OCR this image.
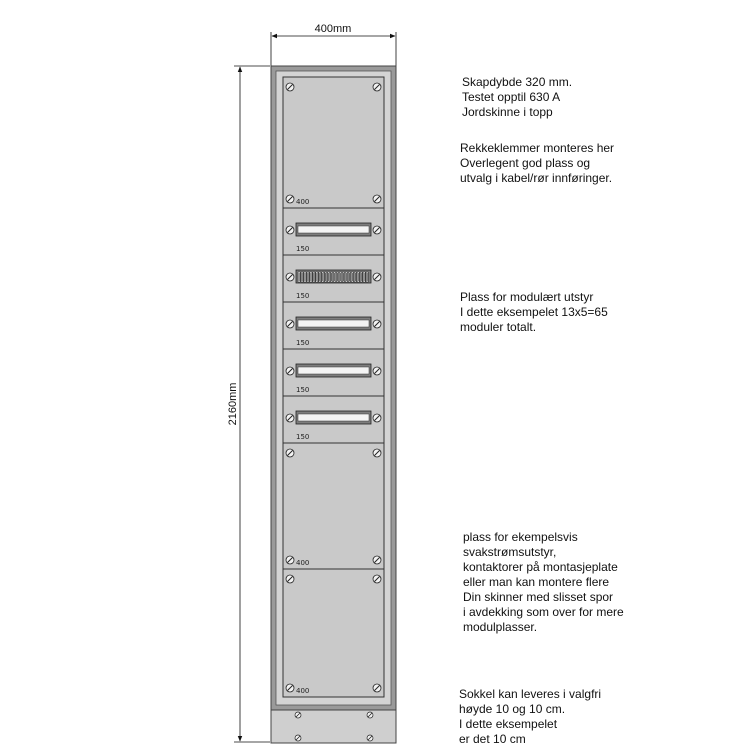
400mm
2160mm
400
150
150
150
150
150
400
400
Skapdybde 320 mm.
Testet opptil 630 A
Jordskinne i topp
Rekkeklemmer monteres her
Overlegent god plass og
utvalg i kabel/rør innføringer.
Plass for modulært utstyr
I dette eksempelet 13x5=65
moduler totalt.
plass for ekempelsvis
svakstrømsutstyr,
kontaktorer på montasjeplate
eller man kan montere flere
Din skinner med slisset spor
i avdekking som over for mere
modulplasser.
Sokkel kan leveres i valgfri
høyde 10 og 10 cm.
I dette eksempelet
er det 10 cm
